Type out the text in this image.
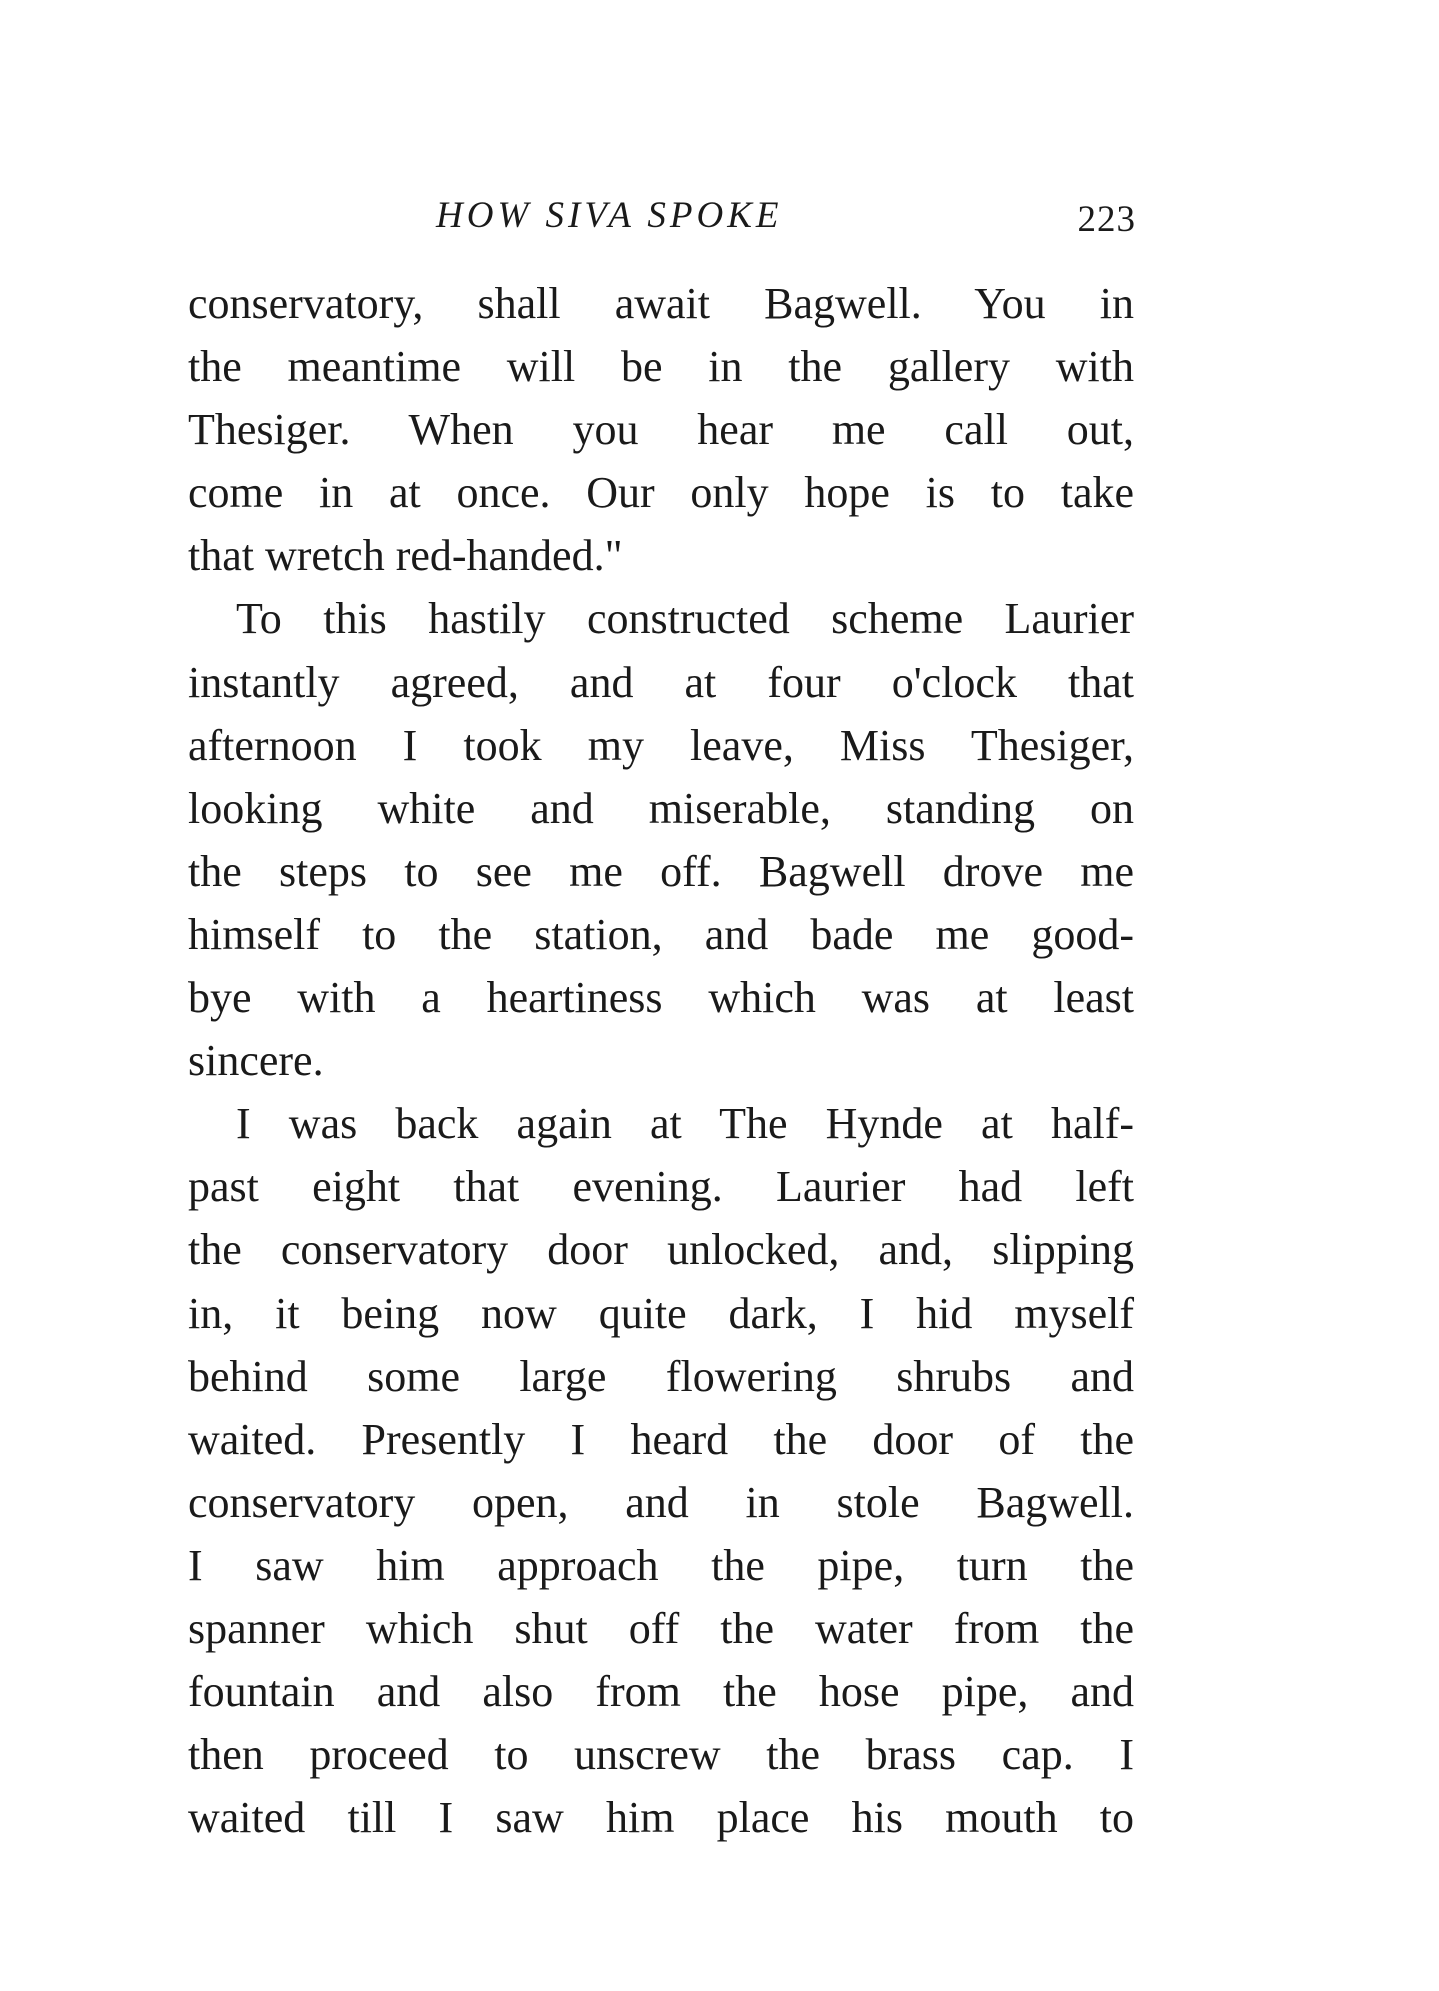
HOW SIVA SPOKE	223
conservatory, shall await Bagwell. You in
the meantime will be in the gallery with
Thesiger. When you hear me call out,
come in at once. Our only hope is to take
that wretch red-handed."
To this hastily constructed scheme Laurier
instantly agreed, and at four o'clock that
afternoon I took my leave, Miss Thesiger,
looking white and miserable, standing on
the steps to see me off. Bagwell drove me
himself to the station, and bade me good-
bye with a heartiness which was at least
sincere.
I was back again at The Hynde at half-
past eight that evening. Laurier had left
the conservatory door unlocked, and, slipping
in, it being now quite dark, I hid myself
behind some large flowering shrubs and
waited. Presently I heard the door of the
conservatory open, and in stole Bagwell.
I saw him approach the pipe, turn the
spanner which shut off the water from the
fountain and also from the hose pipe, and
then proceed to unscrew the brass cap. I
waited till I saw him place his mouth to
